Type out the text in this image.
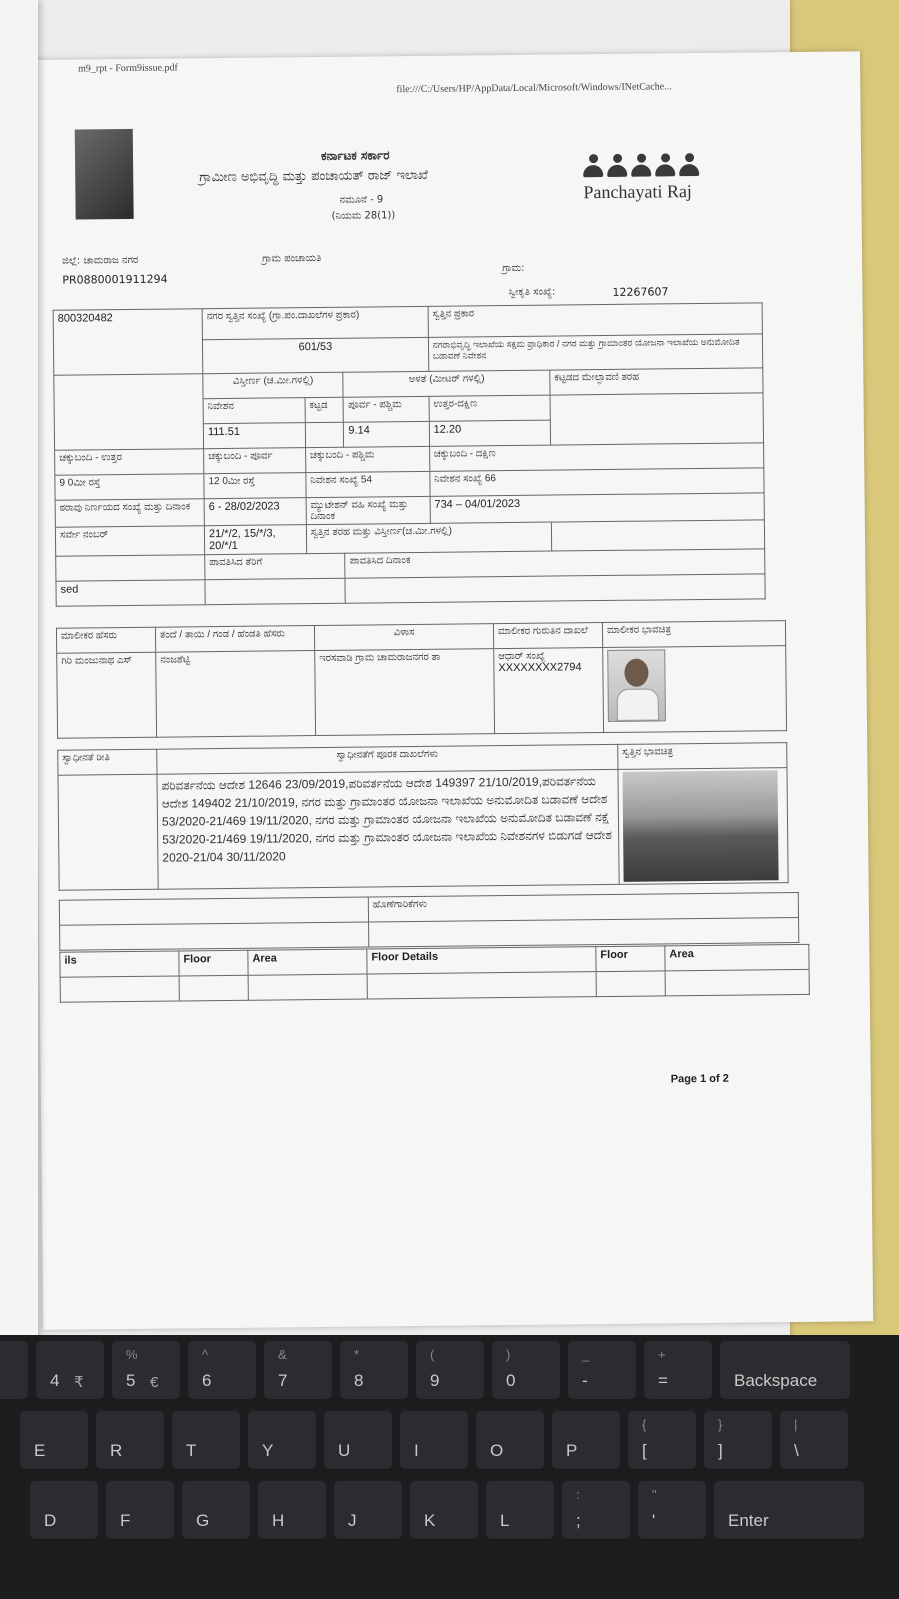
m9_rpt - Form9issue.pdf
file:///C:/Users/HP/AppData/Local/Microsoft/Windows/INetCache...
ಕರ್ನಾಟಕ ಸರ್ಕಾರ
ಗ್ರಾಮೀಣ ಅಭಿವೃದ್ಧಿ ಮತ್ತು ಪಂಚಾಯತ್ ರಾಜ್ ಇಲಾಖೆ
ನಮೂನೆ - 9
(ನಿಯಮ 28(1))
Panchayati Raj
ಜಿಲ್ಲೆ: ಚಾಮರಾಜ ನಗರ	ಗ್ರಾಮ ಪಂಚಾಯತಿ
ಗ್ರಾಮ:
PR0880001911294
ಸ್ವೀಕೃತಿ ಸಂಖ್ಯೆ:	12267607
800320482	ನಗರ ಸ್ವತ್ತಿನ ಸಂಖ್ಯೆ (ಗ್ರಾ.ಪಂ.ದಾಖಲೆಗಳ ಪ್ರಕಾರ)			ಸ್ವತ್ತಿನ ಪ್ರಕಾರ	
	601/53			ನಗರಾಭಿವೃದ್ಧಿ ಇಲಾಖೆಯ ಸಕ್ಷಮ ಪ್ರಾಧಿಕಾರ / ನಗರ ಮತ್ತು ಗ್ರಾಮಾಂತರ ಯೋಜನಾ ಇಲಾಖೆಯ ಅನುಮೋದಿತ ಬಡಾವಣೆ ನಿವೇಶನ	
	ವಿಸ್ತೀರ್ಣ (ಚ.ಮೀ.ಗಳಲ್ಲಿ)		ಅಳತೆ (ಮೀಟರ್ ಗಳಲ್ಲಿ)		ಕಟ್ಟಡದ ಮೇಲ್ಛಾವಣಿ ತರಹ
	ನಿವೇಶನ	ಕಟ್ಟಡ	ಪೂರ್ವ - ಪಶ್ಚಿಮ	ಉತ್ತರ-ದಕ್ಷಿಣ	
	111.51		9.14	12.20	
ಚಕ್ಕುಬಂದಿ - ಉತ್ತರ	ಚಕ್ಕುಬಂದಿ - ಪೂರ್ವ	ಚಕ್ಕುಬಂದಿ - ಪಶ್ಚಿಮ		ಚಕ್ಕುಬಂದಿ - ದಕ್ಷಿಣ	
9 0ಮೀ ರಸ್ತೆ	12 0ಮೀ ರಸ್ತೆ	ನಿವೇಶನ ಸಂಖ್ಯೆ 54		ನಿವೇಶನ ಸಂಖ್ಯೆ 66	
ಠರಾವು ನಿರ್ಣಯದ ಸಂಖ್ಯೆ ಮತ್ತು ದಿನಾಂಕ	6 - 28/02/2023	ಮ್ಯುಟೇಶನ್ ವಹಿ ಸಂಖ್ಯೆ ಮತ್ತು ದಿನಾಂಕ		734 – 04/01/2023	
ಸರ್ವೇ ನಂಬರ್	21/*/2, 15/*/3, 20/*/1	ಸ್ವತ್ತಿನ ತರಹ ಮತ್ತು ವಿಸ್ತೀರ್ಣ(ಚ.ಮೀ.ಗಳಲ್ಲಿ)			
	ಪಾವತಿಸಿದ ತೆರಿಗೆ		ಪಾವತಿಸಿದ ದಿನಾಂಕ		
sed					
ಮಾಲೀಕರ ಹೆಸರು	ತಂದೆ / ತಾಯಿ / ಗಂಡ / ಹೆಂಡತಿ ಹೆಸರು	ವಿಳಾಸ	ಮಾಲೀಕರ ಗುರುತಿನ ದಾಖಲೆ	ಮಾಲೀಕರ ಭಾವಚಿತ್ರ
ಗಿರಿ ಮಂಜುನಾಥ ಎಸ್	ನಂಜಶೆಟ್ಟಿ	ಇರಸವಾಡಿ ಗ್ರಾಮ ಚಾಮರಾಜನಗರ ತಾ	ಆಧಾರ್ ಸಂಖ್ಯೆ
XXXXXXXX2794	

ಸ್ವಾಧೀನತೆ ರೀತಿ	ಸ್ವಾಧೀನತೆಗೆ ಪೂರಕ ದಾಖಲೆಗಳು	ಸ್ವತ್ತಿನ ಭಾವಚಿತ್ರ
	ಪರಿವರ್ತನೆಯ ಆದೇಶ 12646 23/09/2019,ಪರಿವರ್ತನೆಯ ಆದೇಶ 149397 21/10/2019,ಪರಿವರ್ತನೆಯ ಆದೇಶ 149402 21/10/2019, ನಗರ ಮತ್ತು ಗ್ರಾಮಾಂತರ ಯೋಜನಾ ಇಲಾಖೆಯ ಅನುಮೋದಿತ ಬಡಾವಣೆ ಆದೇಶ 53/2020-21/469 19/11/2020, ನಗರ ಮತ್ತು ಗ್ರಾಮಾಂತರ ಯೋಜನಾ ಇಲಾಖೆಯ ಅನುಮೋದಿತ ಬಡಾವಣೆ ನಕ್ಷೆ 53/2020-21/469 19/11/2020, ನಗರ ಮತ್ತು ಗ್ರಾಮಾಂತರ ಯೋಜನಾ ಇಲಾಖೆಯ ನಿವೇಶನಗಳ ಬಿಡುಗಡೆ ಆದೇಶ 2020-21/04 30/11/2020	
	ಹೊಣೆಗಾರಿಕೆಗಳು

ils	Floor	Area	Floor Details	Floor	Area

Page 1 of 2
4 ₹
%
5 €
^
6
&
7
*
8
(
9
)
0
_
-
+
=	Backspace
E	R	T	Y	U	I	O	P
{
[
}
]
|
\
D	F	G	H	J	K	L
:
;
"
'	Enter
